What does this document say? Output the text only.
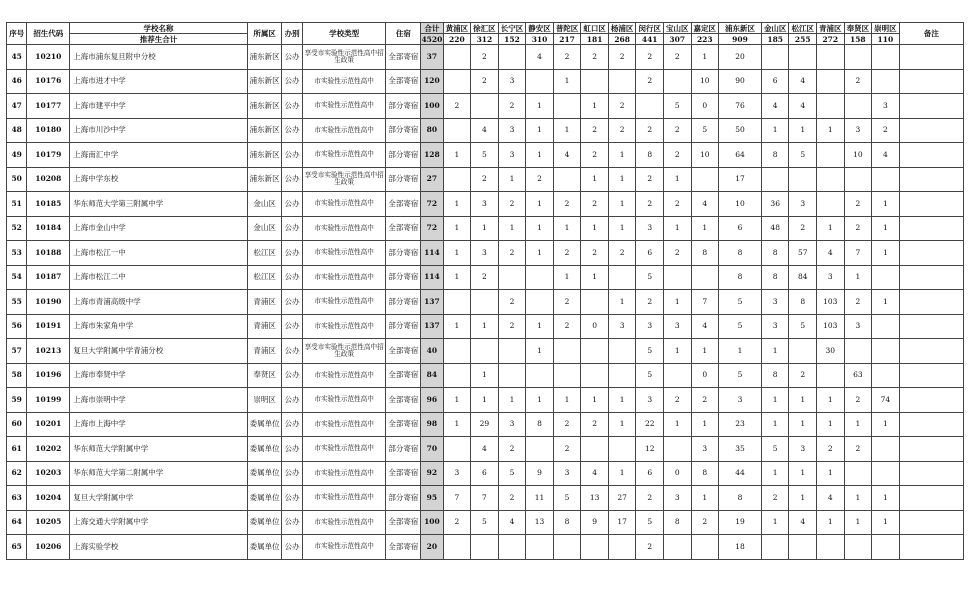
序号	招生代码	学校名称	所属区	办别	学校类型	住宿	合计	黄浦区	徐汇区	长宁区	静安区	普陀区	虹口区	杨浦区	闵行区	宝山区	嘉定区	浦东新区	金山区	松江区	青浦区	奉贤区	崇明区	备注
		推荐生合计					4520	220	312	152	310	217	181	268	441	307	223	909	185	255	272	158	110	
45	10210	上海市浦东复旦附中分校	浦东新区	公办	享受市实验性示范性高中招生政策	全部寄宿	37		2		4	2	2	2	2	2	1	20						
46	10176	上海市进才中学	浦东新区	公办	市实验性示范性高中	全部寄宿	120		2	3		1			2		10	90	6	4		2		
47	10177	上海市建平中学	浦东新区	公办	市实验性示范性高中	部分寄宿	100	2		2	1		1	2		5	0	76	4	4			3	
48	10180	上海市川沙中学	浦东新区	公办	市实验性示范性高中	部分寄宿	80		4	3	1	1	2	2	2	2	5	50	1	1	1	3	2	
49	10179	上海南汇中学	浦东新区	公办	市实验性示范性高中	部分寄宿	128	1	5	3	1	4	2	1	8	2	10	64	8	5		10	4	
50	10208	上海中学东校	浦东新区	公办	享受市实验性示范性高中招生政策	部分寄宿	27		2	1	2		1	1	2	1		17						
51	10185	华东师范大学第三附属中学	金山区	公办	市实验性示范性高中	全部寄宿	72	1	3	2	1	2	2	1	2	2	4	10	36	3		2	1	
52	10184	上海市金山中学	金山区	公办	市实验性示范性高中	全部寄宿	72	1	1	1	1	1	1	1	3	1	1	6	48	2	1	2	1	
53	10188	上海市松江一中	松江区	公办	市实验性示范性高中	部分寄宿	114	1	3	2	1	2	2	2	6	2	8	8	8	57	4	7	1	
54	10187	上海市松江二中	松江区	公办	市实验性示范性高中	部分寄宿	114	1	2			1	1		5			8	8	84	3	1		
55	10190	上海市青浦高级中学	青浦区	公办	市实验性示范性高中	部分寄宿	137			2		2		1	2	1	7	5	3	8	103	2	1	
56	10191	上海市朱家角中学	青浦区	公办	市实验性示范性高中	部分寄宿	137	1	1	2	1	2	0	3	3	3	4	5	3	5	103	3		
57	10213	复旦大学附属中学青浦分校	青浦区	公办	享受市实验性示范性高中招生政策	全部寄宿	40				1				5	1	1	1	1		30			
58	10196	上海市奉贤中学	奉贤区	公办	市实验性示范性高中	全部寄宿	84		1						5		0	5	8	2		63		
59	10199	上海市崇明中学	崇明区	公办	市实验性示范性高中	全部寄宿	96	1	1	1	1	1	1	1	3	2	2	3	1	1	1	2	74	
60	10201	上海市上海中学	委属单位	公办	市实验性示范性高中	全部寄宿	98	1	29	3	8	2	2	1	22	1	1	23	1	1	1	1	1	
61	10202	华东师范大学附属中学	委属单位	公办	市实验性示范性高中	部分寄宿	70		4	2		2			12		3	35	5	3	2	2		
62	10203	华东师范大学第二附属中学	委属单位	公办	市实验性示范性高中	全部寄宿	92	3	6	5	9	3	4	1	6	0	8	44	1	1	1			
63	10204	复旦大学附属中学	委属单位	公办	市实验性示范性高中	部分寄宿	95	7	7	2	11	5	13	27	2	3	1	8	2	1	4	1	1	
64	10205	上海交通大学附属中学	委属单位	公办	市实验性示范性高中	全部寄宿	100	2	5	4	13	8	9	17	5	8	2	19	1	4	1	1	1	
65	10206	上海实验学校	委属单位	公办	市实验性示范性高中	全部寄宿	20								2			18						
